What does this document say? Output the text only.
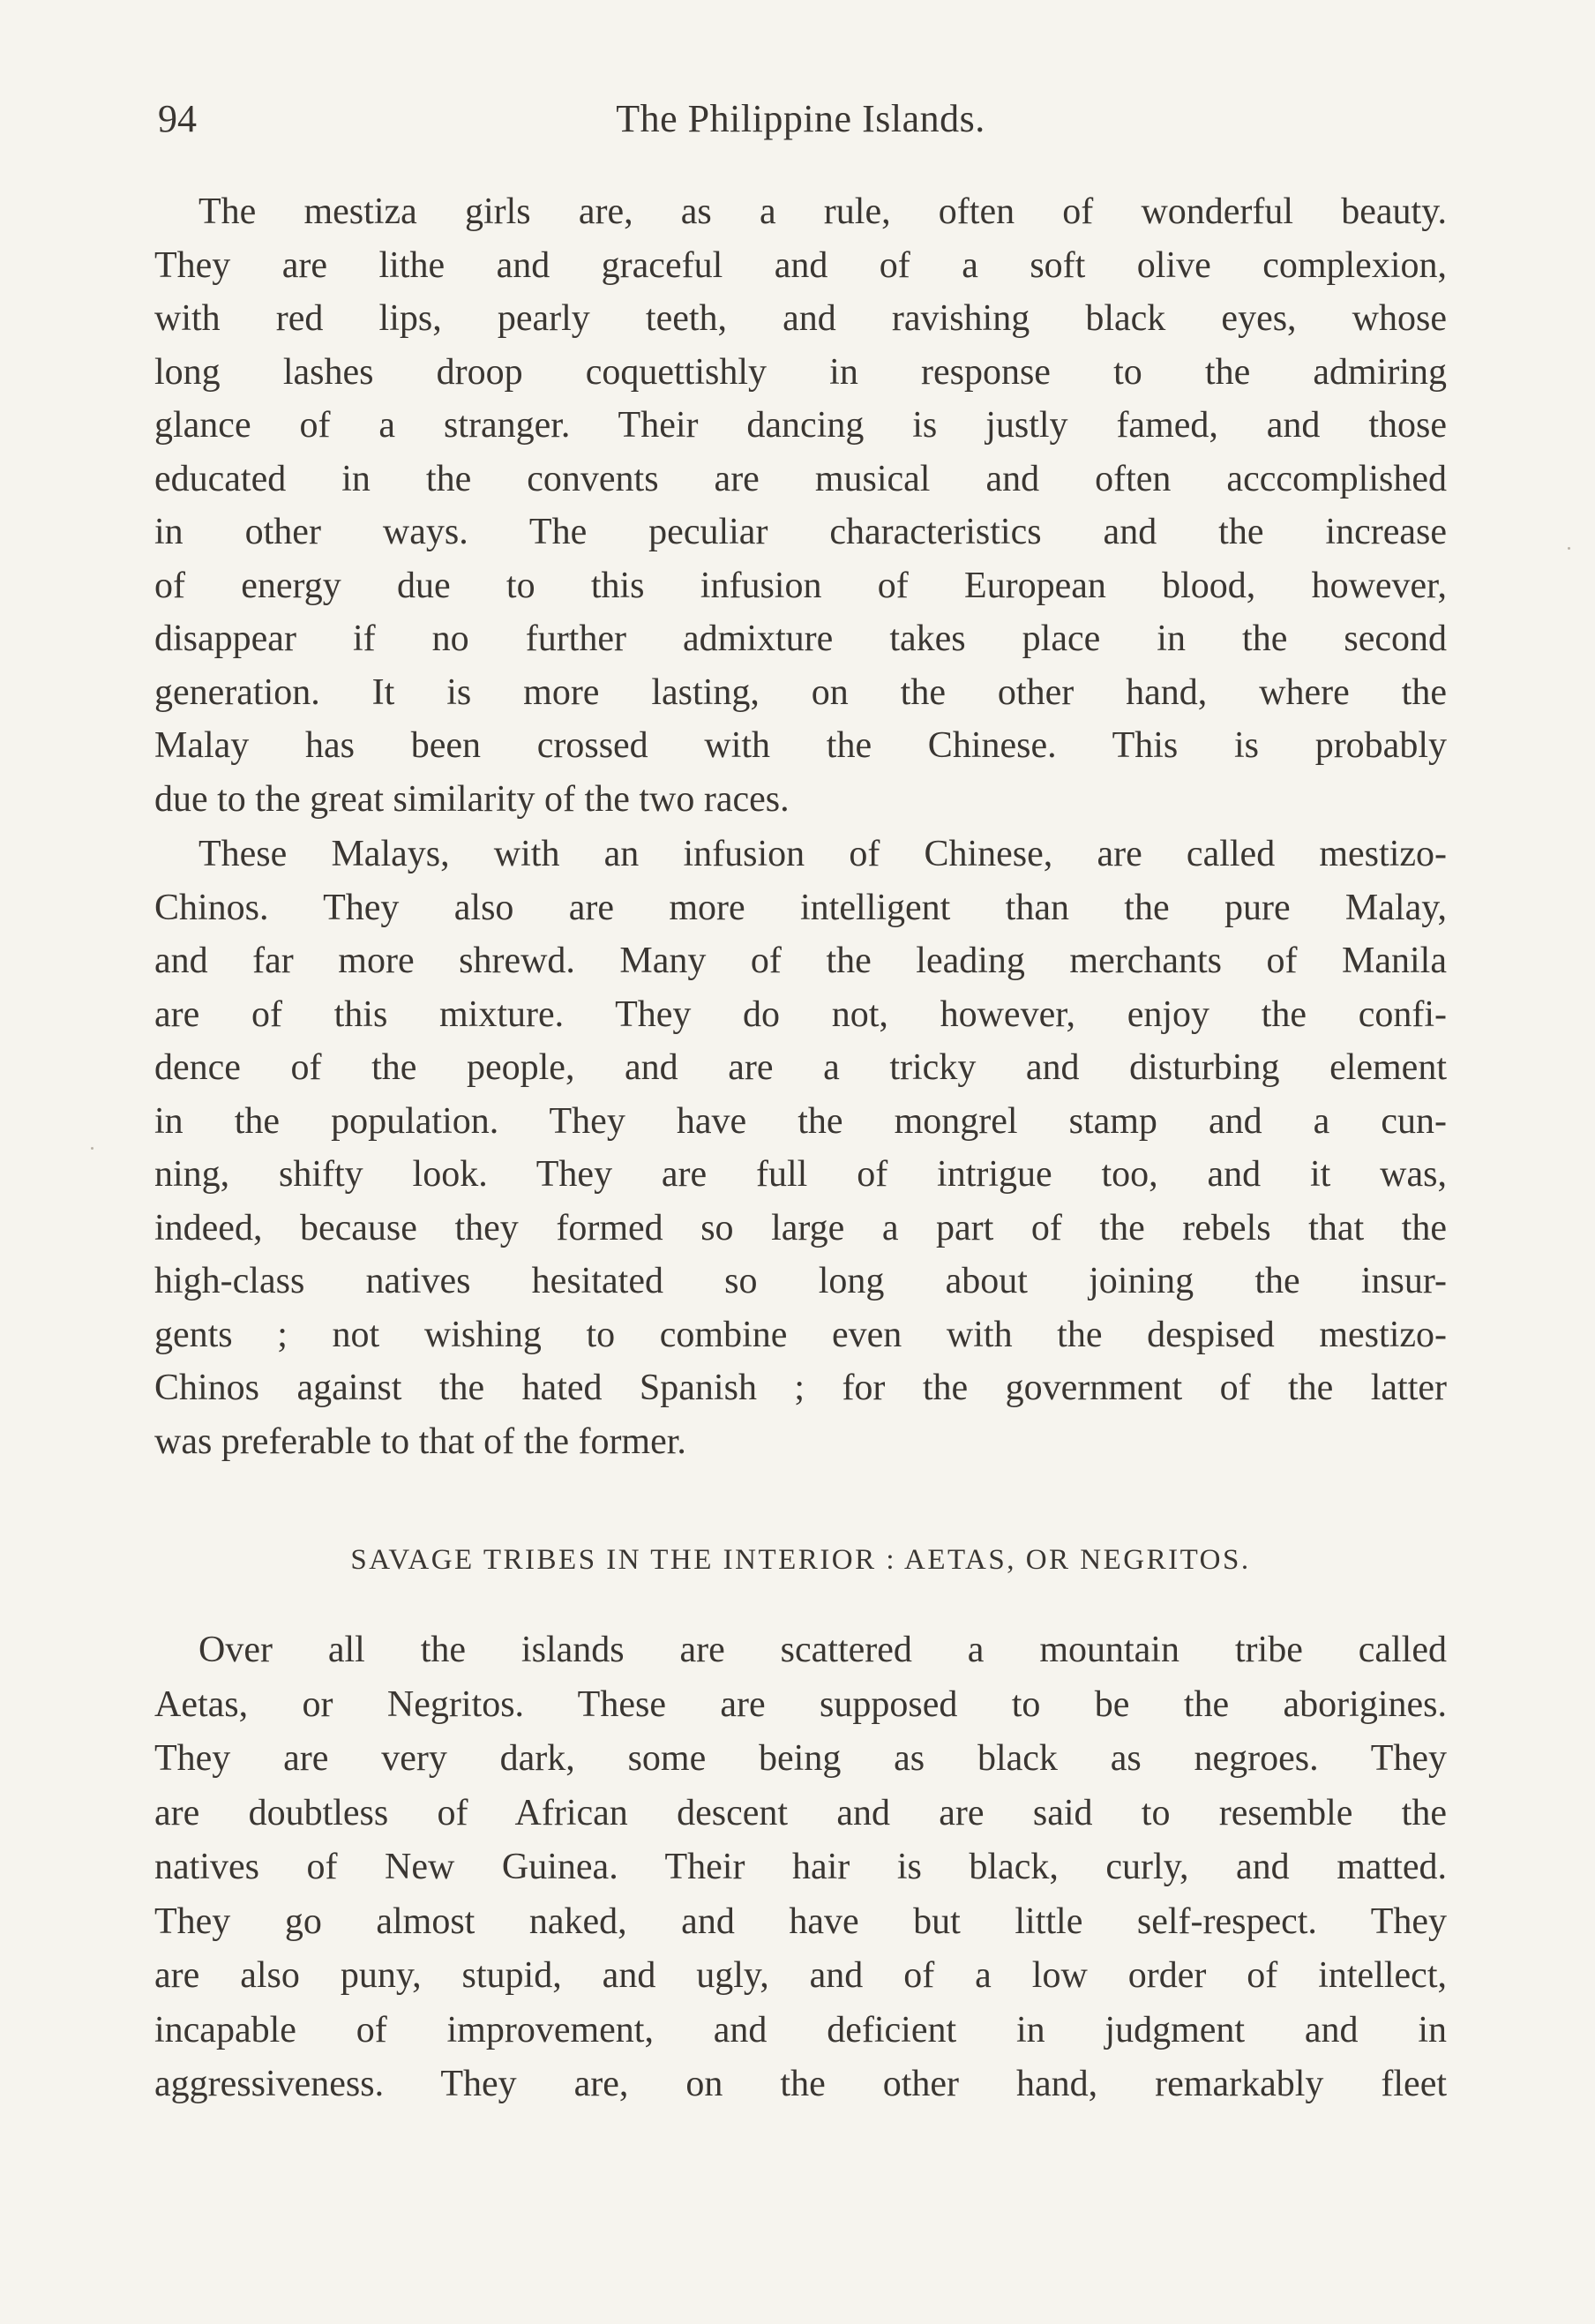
94	The Philippine Islands.
The mestiza girls are, as a rule, often of wonderful beauty.
They are lithe and graceful and of a soft olive complexion,
with red lips, pearly teeth, and ravishing black eyes, whose
long lashes droop coquettishly in response to the admiring
glance of a stranger. Their dancing is justly famed, and those
educated in the convents are musical and often acccomplished
in other ways. The peculiar characteristics and the increase
of energy due to this infusion of European blood, however,
disappear if no further admixture takes place in the second
generation. It is more lasting, on the other hand, where the
Malay has been crossed with the Chinese. This is probably
due to the great similarity of the two races.
These Malays, with an infusion of Chinese, are called mestizo-
Chinos. They also are more intelligent than the pure Malay,
and far more shrewd. Many of the leading merchants of Manila
are of this mixture. They do not, however, enjoy the confi-
dence of the people, and are a tricky and disturbing element
in the population. They have the mongrel stamp and a cun-
ning, shifty look. They are full of intrigue too, and it was,
indeed, because they formed so large a part of the rebels that the
high-class natives hesitated so long about joining the insur-
gents ; not wishing to combine even with the despised mestizo-
Chinos against the hated Spanish ; for the government of the latter
was preferable to that of the former.
SAVAGE TRIBES IN THE INTERIOR : AETAS, OR NEGRITOS.
Over all the islands are scattered a mountain tribe called
Aetas, or Negritos. These are supposed to be the aborigines.
They are very dark, some being as black as negroes. They
are doubtless of African descent and are said to resemble the
natives of New Guinea. Their hair is black, curly, and matted.
They go almost naked, and have but little self-respect. They
are also puny, stupid, and ugly, and of a low order of intellect,
incapable of improvement, and deficient in judgment and in
aggressiveness. They are, on the other hand, remarkably fleet
